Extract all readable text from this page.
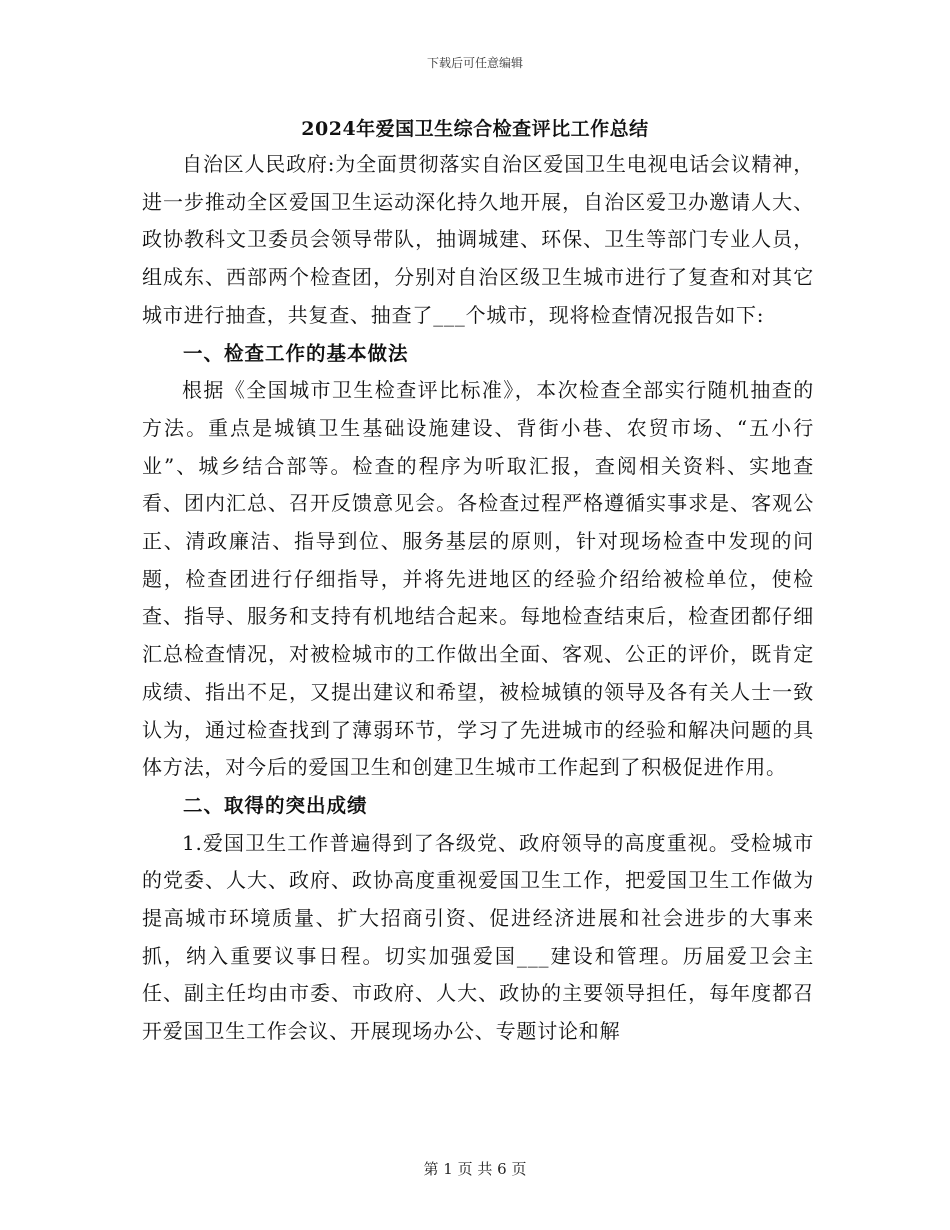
下载后可任意编辑
2024年爱国卫生综合检查评比工作总结

自治区人民政府:为全面贯彻落实自治区爱国卫生电视电话会议精神，进一步推动全区爱国卫生运动深化持久地开展，自治区爱卫办邀请人大、政协教科文卫委员会领导带队，抽调城建、环保、卫生等部门专业人员，组成东、西部两个检查团，分别对自治区级卫生城市进行了复查和对其它城市进行抽查，共复查、抽查了___个城市，现将检查情况报告如下:

一、检查工作的基本做法

根据《全国城市卫生检查评比标准》，本次检查全部实行随机抽查的方法。重点是城镇卫生基础设施建设、背街小巷、农贸市场、“五小行业”、城乡结合部等。检查的程序为听取汇报，查阅相关资料、实地查看、团内汇总、召开反馈意见会。各检查过程严格遵循实事求是、客观公正、清政廉洁、指导到位、服务基层的原则，针对现场检查中发现的问题，检查团进行仔细指导，并将先进地区的经验介绍给被检单位，使检查、指导、服务和支持有机地结合起来。每地检查结束后，检查团都仔细汇总检查情况，对被检城市的工作做出全面、客观、公正的评价，既肯定成绩、指出不足，又提出建议和希望，被检城镇的领导及各有关人士一致认为，通过检查找到了薄弱环节，学习了先进城市的经验和解决问题的具体方法，对今后的爱国卫生和创建卫生城市工作起到了积极促进作用。

二、取得的突出成绩

1.爱国卫生工作普遍得到了各级党、政府领导的高度重视。受检城市的党委、人大、政府、政协高度重视爱国卫生工作，把爱国卫生工作做为提高城市环境质量、扩大招商引资、促进经济进展和社会进步的大事来抓，纳入重要议事日程。切实加强爱国___建设和管理。历届爱卫会主任、副主任均由市委、市政府、人大、政协的主要领导担任，每年度都召开爱国卫生工作会议、开展现场办公、专题讨论和解

第 1 页 共 6 页
